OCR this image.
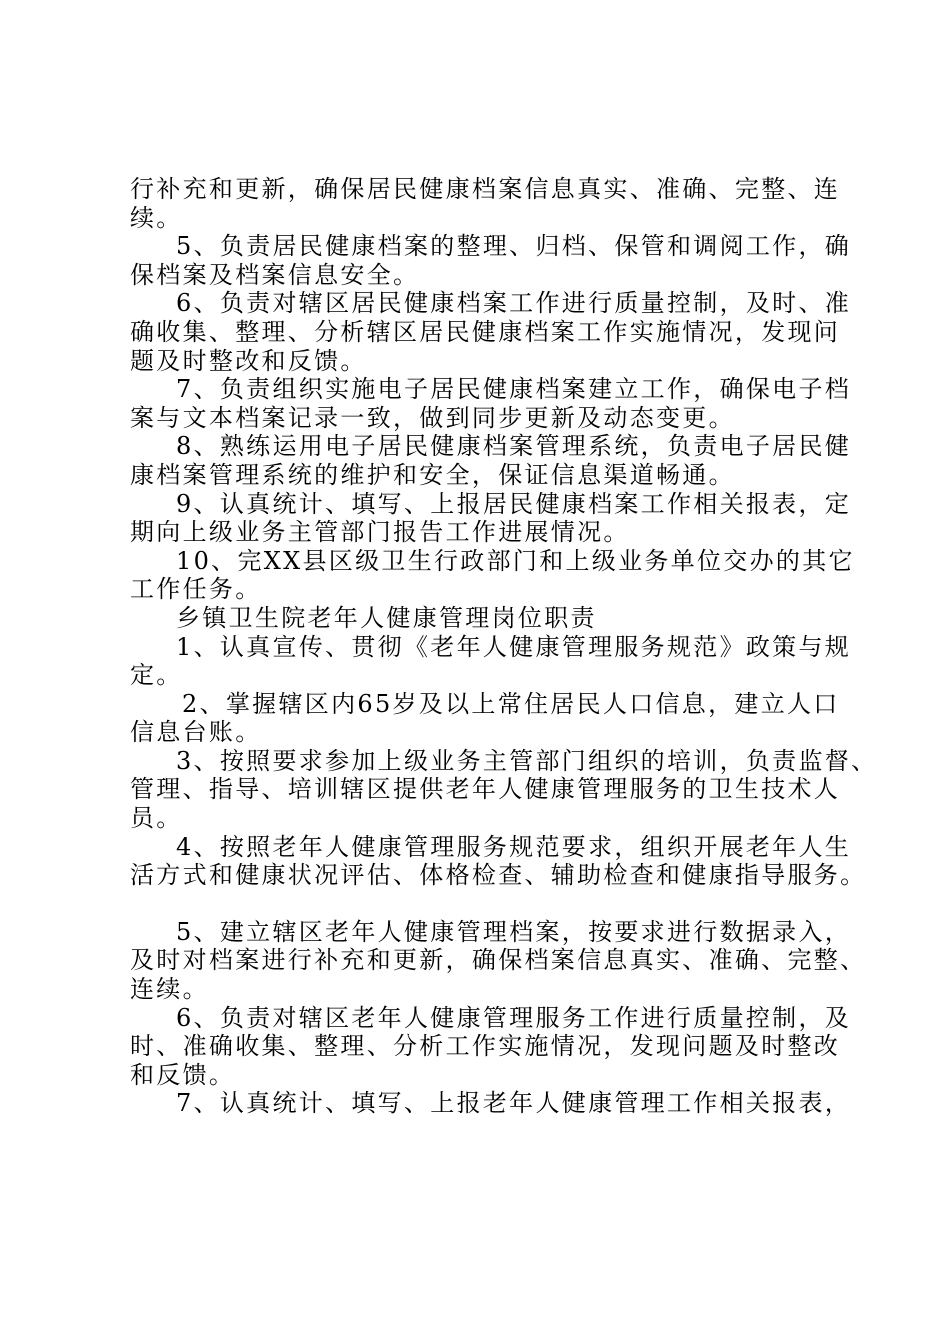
行补充和更新，确保居民健康档案信息真实、准确、完整、连

续。

5、负责居民健康档案的整理、归档、保管和调阅工作，确

保档案及档案信息安全。

6、负责对辖区居民健康档案工作进行质量控制，及时、准

确收集、整理、分析辖区居民健康档案工作实施情况，发现问

题及时整改和反馈。

7、负责组织实施电子居民健康档案建立工作，确保电子档

案与文本档案记录一致，做到同步更新及动态变更。

8、熟练运用电子居民健康档案管理系统，负责电子居民健

康档案管理系统的维护和安全，保证信息渠道畅通。

9、认真统计、填写、上报居民健康档案工作相关报表，定

期向上级业务主管部门报告工作进展情况。

10、完XX县区级卫生行政部门和上级业务单位交办的其它

工作任务。

乡镇卫生院老年人健康管理岗位职责

1、认真宣传、贯彻《老年人健康管理服务规范》政策与规

定。

2、掌握辖区内65岁及以上常住居民人口信息，建立人口

信息台账。

3、按照要求参加上级业务主管部门组织的培训，负责监督、

管理、指导、培训辖区提供老年人健康管理服务的卫生技术人

员。

4、按照老年人健康管理服务规范要求，组织开展老年人生

活方式和健康状况评估、体格检查、辅助检查和健康指导服务。

5、建立辖区老年人健康管理档案，按要求进行数据录入，

及时对档案进行补充和更新，确保档案信息真实、准确、完整、

连续。

6、负责对辖区老年人健康管理服务工作进行质量控制，及

时、准确收集、整理、分析工作实施情况，发现问题及时整改

和反馈。

7、认真统计、填写、上报老年人健康管理工作相关报表，
